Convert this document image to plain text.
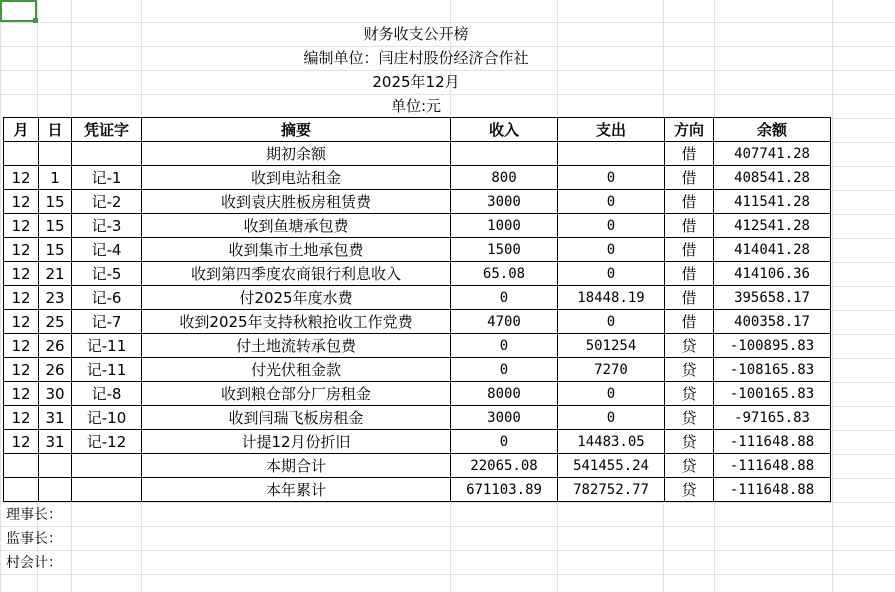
财务收支公开榜
编制单位：闫庄村股份经济合作社
2025年12月
单位:元
月	日	凭证字	摘要	收入	支出	方向	余额
			期初余额			借	407741.28
12	1	记-1	收到电站租金	800	0	借	408541.28
12	15	记-2	收到袁庆胜板房租赁费	3000	0	借	411541.28
12	15	记-3	收到鱼塘承包费	1000	0	借	412541.28
12	15	记-4	收到集市土地承包费	1500	0	借	414041.28
12	21	记-5	收到第四季度农商银行利息收入	65.08	0	借	414106.36
12	23	记-6	付2025年度水费	0	18448.19	借	395658.17
12	25	记-7	收到2025年支持秋粮抢收工作党费	4700	0	借	400358.17
12	26	记-11	付土地流转承包费	0	501254	贷	-100895.83
12	26	记-11	付光伏租金款	0	7270	贷	-108165.83
12	30	记-8	收到粮仓部分厂房租金	8000	0	贷	-100165.83
12	31	记-10	收到闫瑞飞板房租金	3000	0	贷	-97165.83
12	31	记-12	计提12月份折旧	0	14483.05	贷	-111648.88
			本期合计	22065.08	541455.24	贷	-111648.88
			本年累计	671103.89	782752.77	贷	-111648.88
理事长：
监事长：
村会计：
